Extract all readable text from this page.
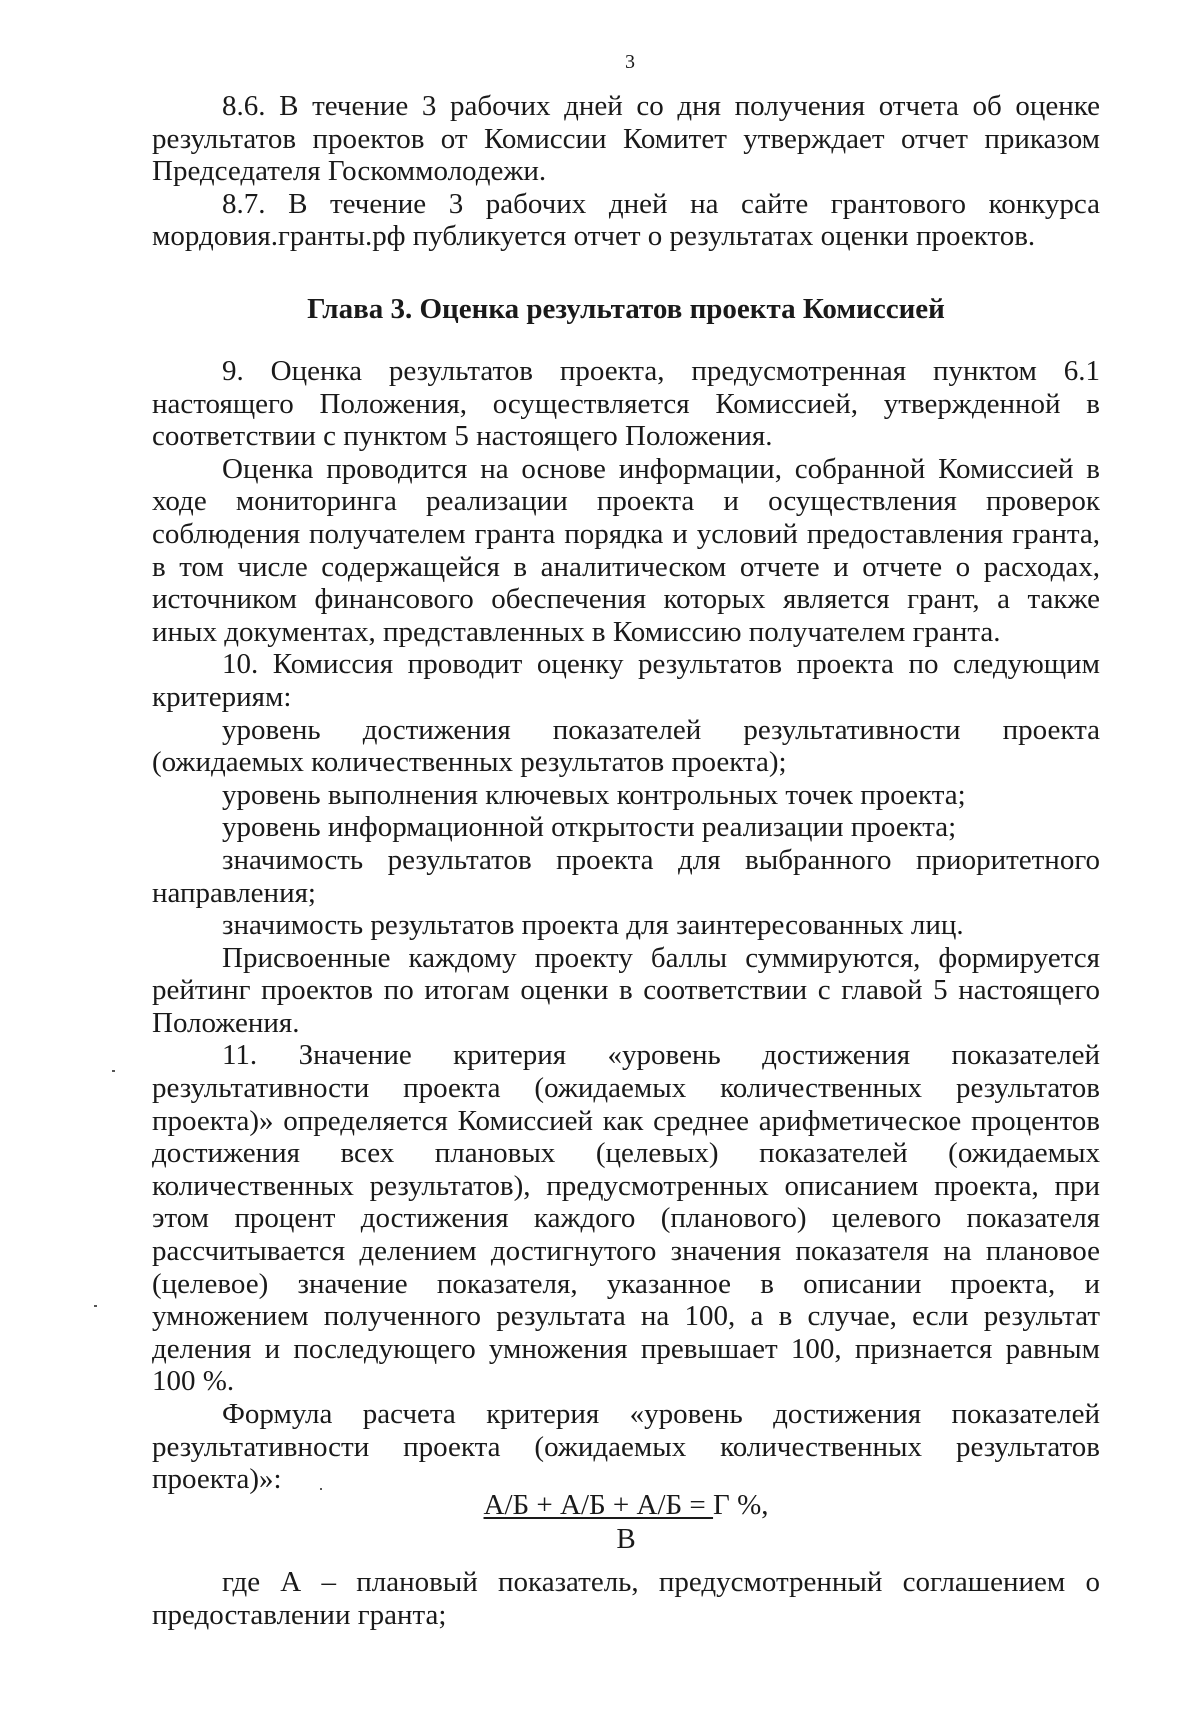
3

8.6. В течение 3 рабочих дней со дня получения отчета об оценке результатов проектов от Комиссии Комитет утверждает отчет приказом Председателя Госкоммолодежи.

8.7. В течение 3 рабочих дней на сайте грантового конкурса мордовия.гранты.рф публикуется отчет о результатах оценки проектов.

Глава 3. Оценка результатов проекта Комиссией

9. Оценка результатов проекта, предусмотренная пунктом 6.1 настоящего Положения, осуществляется Комиссией, утвержденной в соответствии с пунктом 5 настоящего Положения.

Оценка проводится на основе информации, собранной Комиссией в ходе мониторинга реализации проекта и осуществления проверок соблюдения получателем гранта порядка и условий предоставления гранта, в том числе содержащейся в аналитическом отчете и отчете о расходах, источником финансового обеспечения которых является грант, а также иных документах, представленных в Комиссию получателем гранта.

10. Комиссия проводит оценку результатов проекта по следующим критериям:

уровень достижения показателей результативности проекта (ожидаемых количественных результатов проекта);

уровень выполнения ключевых контрольных точек проекта;

уровень информационной открытости реализации проекта;

значимость результатов проекта для выбранного приоритетного направления;

значимость результатов проекта для заинтересованных лиц.

Присвоенные каждому проекту баллы суммируются, формируется рейтинг проектов по итогам оценки в соответствии с главой 5 настоящего Положения.

11. Значение критерия «уровень достижения показателей результативности проекта (ожидаемых количественных результатов проекта)» определяется Комиссией как среднее арифметическое процентов достижения всех плановых (целевых) показателей (ожидаемых количественных результатов), предусмотренных описанием проекта, при этом процент достижения каждого (планового) целевого показателя рассчитывается делением достигнутого значения показателя на плановое (целевое) значение показателя, указанное в описании проекта, и умножением полученного результата на 100, а в случае, если результат деления и последующего умножения превышает 100, признается равным 100 %.

Формула расчета критерия «уровень достижения показателей результативности проекта (ожидаемых количественных результатов проекта)»:

А/Б + А/Б + А/Б = Г %,
В

где А – плановый показатель, предусмотренный соглашением о предоставлении гранта;
